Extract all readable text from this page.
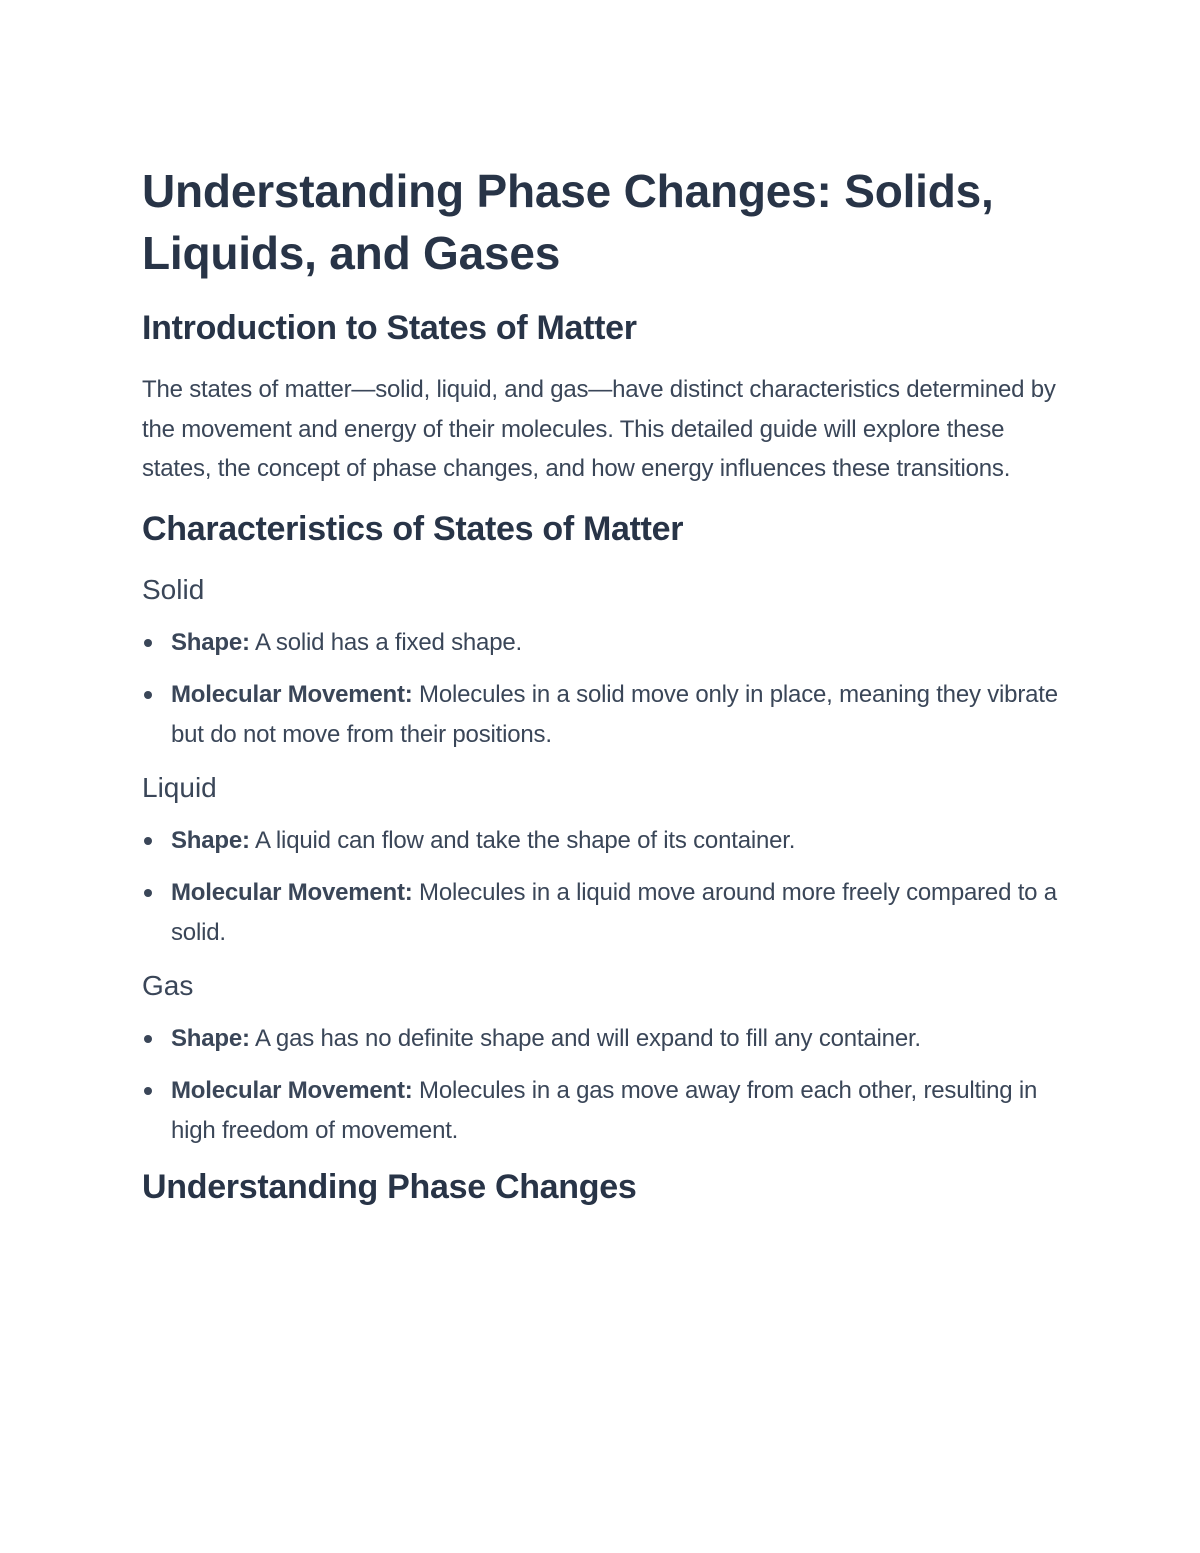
Understanding Phase Changes: Solids, Liquids, and Gases
Introduction to States of Matter

The states of matter—solid, liquid, and gas—have distinct characteristics determined by the movement and energy of their molecules. This detailed guide will explore these states, the concept of phase changes, and how energy influences these transitions.

Characteristics of States of Matter
Solid
Shape: A solid has a fixed shape.
Molecular Movement: Molecules in a solid move only in place, meaning they vibrate but do not move from their positions.
Liquid
Shape: A liquid can flow and take the shape of its container.
Molecular Movement: Molecules in a liquid move around more freely compared to a solid.
Gas
Shape: A gas has no definite shape and will expand to fill any container.
Molecular Movement: Molecules in a gas move away from each other, resulting in high freedom of movement.
Understanding Phase Changes
